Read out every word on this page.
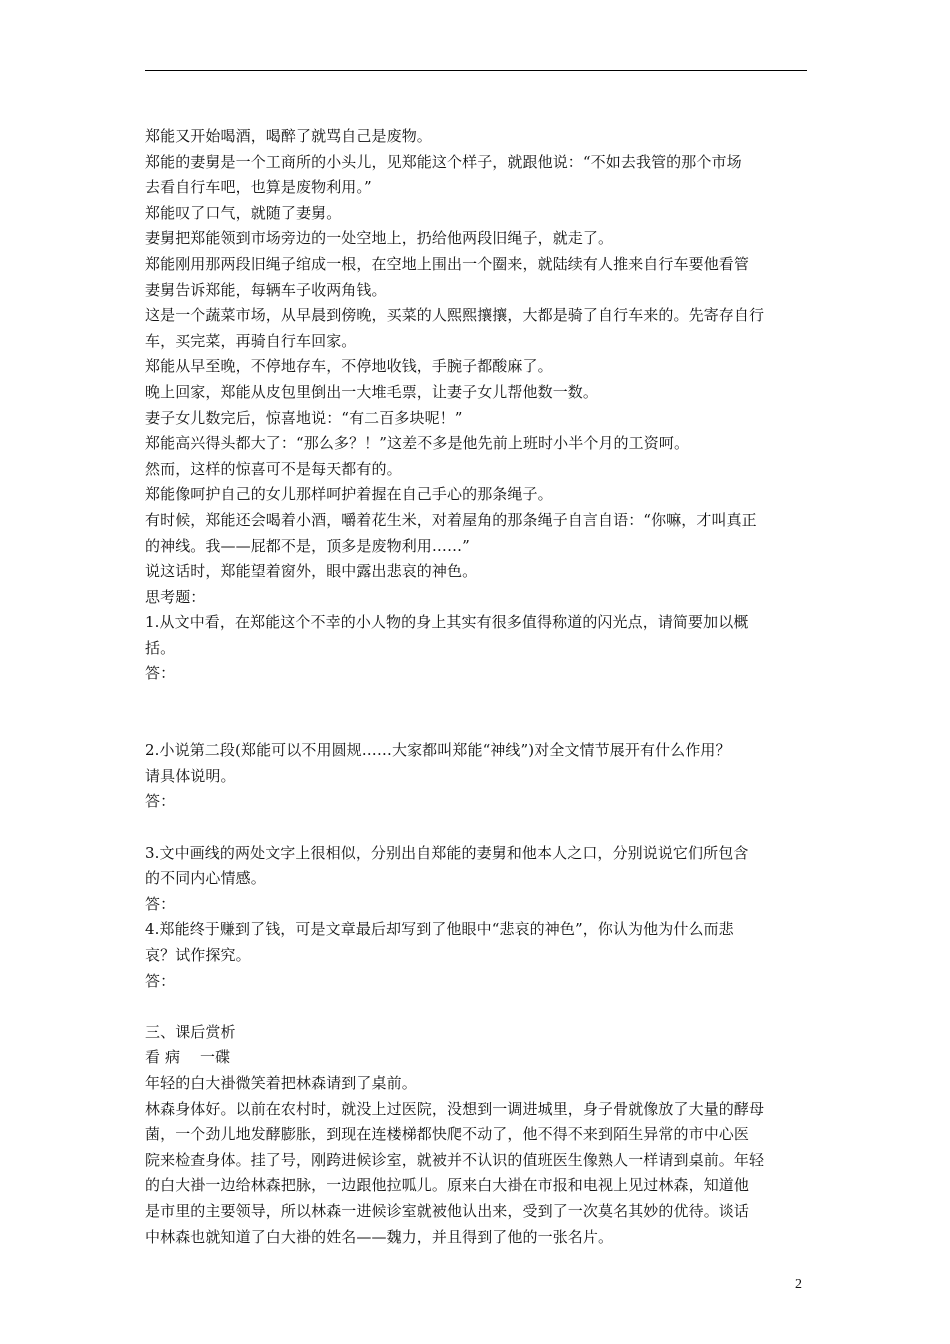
郑能又开始喝酒，喝醉了就骂自己是废物。
郑能的妻舅是一个工商所的小头儿，见郑能这个样子，就跟他说：“不如去我管的那个市场
去看自行车吧，也算是废物利用。”
郑能叹了口气，就随了妻舅。
妻舅把郑能领到市场旁边的一处空地上，扔给他两段旧绳子，就走了。
郑能刚用那两段旧绳子绾成一根，在空地上围出一个圈来，就陆续有人推来自行车要他看管
妻舅告诉郑能，每辆车子收两角钱。
这是一个蔬菜市场，从早晨到傍晚，买菜的人熙熙攘攘，大都是骑了自行车来的。先寄存自行
车，买完菜，再骑自行车回家。
郑能从早至晚，不停地存车，不停地收钱，手腕子都酸麻了。
晚上回家，郑能从皮包里倒出一大堆毛票，让妻子女儿帮他数一数。
妻子女儿数完后，惊喜地说：“有二百多块呢！”
郑能高兴得头都大了：“那么多？！”这差不多是他先前上班时小半个月的工资呵。
然而，这样的惊喜可不是每天都有的。
郑能像呵护自己的女儿那样呵护着握在自己手心的那条绳子。
有时候，郑能还会喝着小酒，嚼着花生米，对着屋角的那条绳子自言自语：“你嘛，才叫真正
的神线。我——屁都不是，顶多是废物利用……”
说这话时，郑能望着窗外，眼中露出悲哀的神色。
思考题：
1.从文中看，在郑能这个不幸的小人物的身上其实有很多值得称道的闪光点，请简要加以概
括。
答：
2.小说第二段(郑能可以不用圆规……大家都叫郑能“神线”)对全文情节展开有什么作用？
请具体说明。
答：
3.文中画线的两处文字上很相似，分别出自郑能的妻舅和他本人之口，分别说说它们所包含
的不同内心情感。
答：
4.郑能终于赚到了钱，可是文章最后却写到了他眼中“悲哀的神色”，你认为他为什么而悲
哀？试作探究。
答：
三、课后赏析
看 病　 一碟
年轻的白大褂微笑着把林森请到了桌前。
林森身体好。以前在农村时，就没上过医院，没想到一调进城里，身子骨就像放了大量的酵母
菌，一个劲儿地发酵膨胀，到现在连楼梯都快爬不动了，他不得不来到陌生异常的市中心医
院来检查身体。挂了号，刚跨进候诊室，就被并不认识的值班医生像熟人一样请到桌前。年轻
的白大褂一边给林森把脉，一边跟他拉呱儿。原来白大褂在市报和电视上见过林森，知道他
是市里的主要领导，所以林森一进候诊室就被他认出来，受到了一次莫名其妙的优待。谈话
中林森也就知道了白大褂的姓名——魏力，并且得到了他的一张名片。
2
